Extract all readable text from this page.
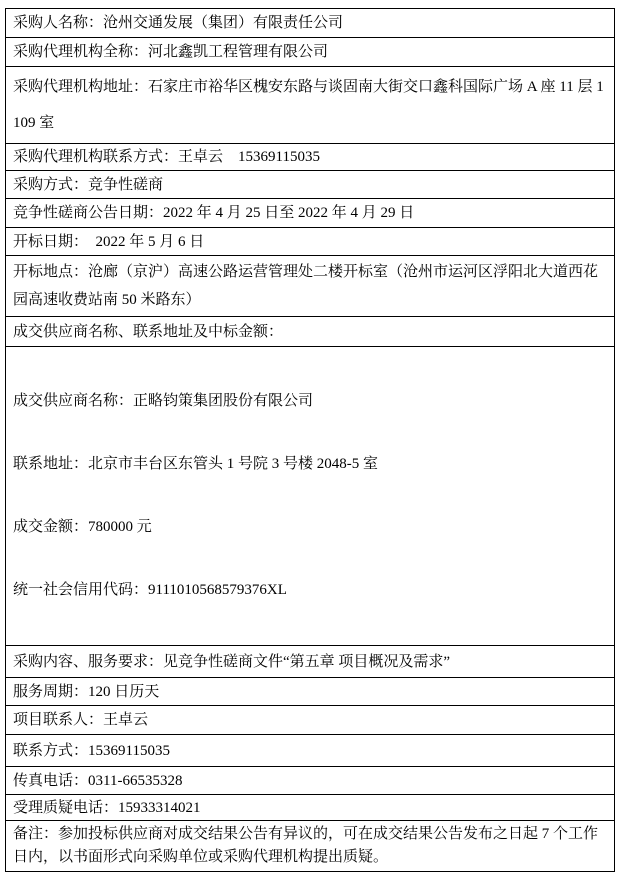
采购人名称：沧州交通发展（集团）有限责任公司
采购代理机构全称：河北鑫凯工程管理有限公司
采购代理机构地址：石家庄市裕华区槐安东路与谈固南大街交口鑫科国际广场 A 座 11 层 1109 室
采购代理机构联系方式：王卓云    15369115035
采购方式：竞争性磋商
竞争性磋商公告日期：2022 年 4 月 25 日至 2022 年 4 月 29 日
开标日期：  2022 年 5 月 6 日
开标地点：沧廊（京沪）高速公路运营管理处二楼开标室（沧州市运河区浮阳北大道西花园高速收费站南 50 米路东）
成交供应商名称、联系地址及中标金额：

成交供应商名称：正略钧策集团股份有限公司

联系地址：北京市丰台区东管头 1 号院 3 号楼 2048-5 室

成交金额：780000 元

统一社会信用代码：9111010568579376XL

采购内容、服务要求：见竞争性磋商文件“第五章 项目概况及需求”
服务周期：120 日历天
项目联系人：王卓云
联系方式：15369115035
传真电话：0311-66535328
受理质疑电话：15933314021
备注：参加投标供应商对成交结果公告有异议的，可在成交结果公告发布之日起 7 个工作日内，以书面形式向采购单位或采购代理机构提出质疑。
